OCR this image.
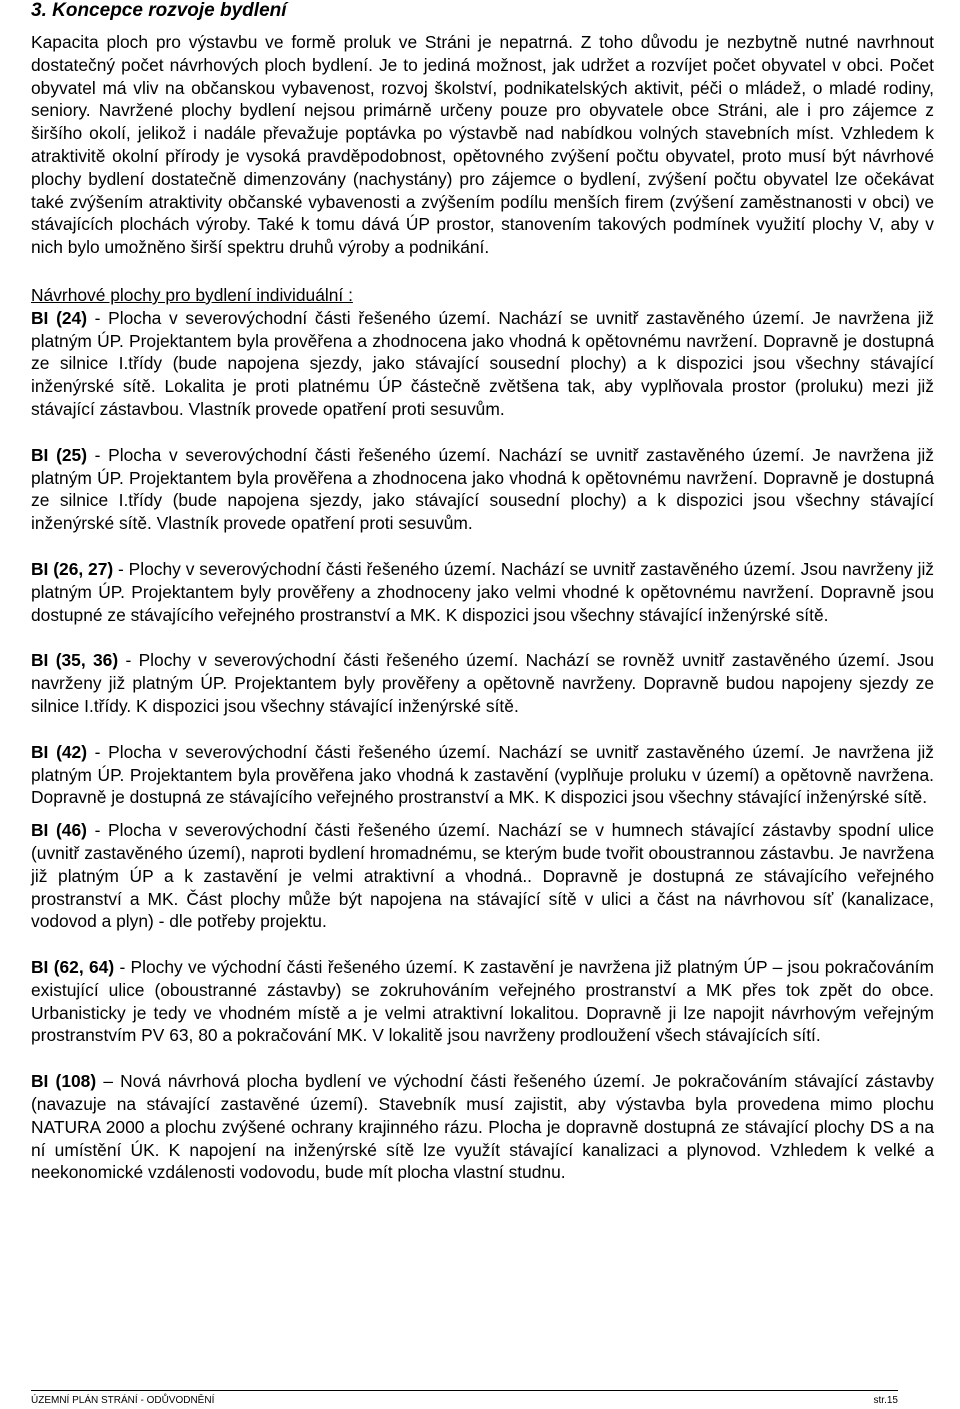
3. Koncepce rozvoje bydlení

Kapacita ploch pro výstavbu ve formě proluk ve Stráni je nepatrná. Z toho důvodu je nezbytně nutné navrhnout dostatečný počet návrhových ploch bydlení. Je to jediná možnost, jak udržet a rozvíjet počet obyvatel v obci. Počet obyvatel má vliv na občanskou vybavenost, rozvoj školství, podnikatelských aktivit, péči o mládež, o mladé rodiny, seniory. Navržené plochy bydlení nejsou primárně určeny pouze pro obyvatele obce Stráni, ale i pro zájemce z širšího okolí, jelikož i nadále převažuje poptávka po výstavbě nad nabídkou volných stavebních míst. Vzhledem k atraktivitě okolní přírody je vysoká pravděpodobnost, opětovného zvýšení počtu obyvatel, proto musí být návrhové plochy bydlení dostatečně dimenzovány (nachystány) pro zájemce o bydlení, zvýšení počtu obyvatel lze očekávat také zvýšením atraktivity občanské vybavenosti a zvýšením podílu menších firem (zvýšení zaměstnanosti v obci) ve stávajících plochách výroby. Také k tomu dává ÚP prostor, stanovením takových podmínek využití plochy V, aby v nich bylo umožněno širší spektru druhů výroby a podnikání.

Návrhové plochy pro bydlení individuální :

BI (24) - Plocha v severovýchodní části řešeného území. Nachází se uvnitř zastavěného území. Je navržena již platným ÚP. Projektantem byla prověřena a zhodnocena jako vhodná k opětovnému navržení. Dopravně je dostupná ze silnice I.třídy (bude napojena sjezdy, jako stávající sousední plochy) a k dispozici jsou všechny stávající inženýrské sítě. Lokalita je proti platnému ÚP částečně zvětšena tak, aby vyplňovala prostor (proluku) mezi již stávající zástavbou. Vlastník provede opatření proti sesuvům.

BI (25) - Plocha v severovýchodní části řešeného území. Nachází se uvnitř zastavěného území. Je navržena již platným ÚP. Projektantem byla prověřena a zhodnocena jako vhodná k opětovnému navržení. Dopravně je dostupná ze silnice I.třídy (bude napojena sjezdy, jako stávající sousední plochy) a k dispozici jsou všechny stávající inženýrské sítě. Vlastník provede opatření proti sesuvům.

BI (26, 27) - Plochy v severovýchodní části řešeného území. Nachází se uvnitř zastavěného území. Jsou navrženy již platným ÚP. Projektantem byly prověřeny a zhodnoceny jako velmi vhodné k opětovnému navržení. Dopravně jsou dostupné ze stávajícího veřejného prostranství a MK. K dispozici jsou všechny stávající inženýrské sítě.

BI (35, 36) - Plochy v severovýchodní části řešeného území. Nachází se rovněž uvnitř zastavěného území. Jsou navrženy již platným ÚP. Projektantem byly prověřeny a opětovně navrženy. Dopravně budou napojeny sjezdy ze silnice I.třídy. K dispozici jsou všechny stávající inženýrské sítě.

BI (42) - Plocha v severovýchodní části řešeného území. Nachází se uvnitř zastavěného území. Je navržena již platným ÚP. Projektantem byla prověřena jako vhodná k zastavění (vyplňuje proluku v území) a opětovně navržena. Dopravně je dostupná ze stávajícího veřejného prostranství a MK. K dispozici jsou všechny stávající inženýrské sítě.

BI (46) - Plocha v severovýchodní části řešeného území. Nachází se v humnech stávající zástavby spodní ulice (uvnitř zastavěného území), naproti bydlení hromadnému, se kterým bude tvořit oboustrannou zástavbu. Je navržena již platným ÚP a k zastavění je velmi atraktivní a vhodná.. Dopravně je dostupná ze stávajícího veřejného prostranství a MK. Část plochy může být napojena na stávající sítě v ulici a část na návrhovou síť (kanalizace, vodovod a plyn) - dle potřeby projektu.

BI (62, 64) - Plochy ve východní části řešeného území. K zastavění je navržena již platným ÚP – jsou pokračováním existující ulice (oboustranné zástavby) se zokruhováním veřejného prostranství a MK přes tok zpět do obce. Urbanisticky je tedy ve vhodném místě a je velmi atraktivní lokalitou. Dopravně ji lze napojit návrhovým veřejným prostranstvím PV 63, 80 a pokračování MK. V lokalitě jsou navrženy prodloužení všech stávajících sítí.

BI (108) – Nová návrhová plocha bydlení ve východní části řešeného území. Je pokračováním stávající zástavby (navazuje na stávající zastavěné území). Stavebník musí zajistit, aby výstavba byla provedena mimo plochu NATURA 2000 a plochu zvýšené ochrany krajinného rázu. Plocha je dopravně dostupná ze stávající plochy DS a na ní umístění ÚK. K napojení na inženýrské sítě lze využít stávající kanalizaci a plynovod. Vzhledem k velké a neekonomické vzdálenosti vodovodu, bude mít plocha vlastní studnu.

ÚZEMNÍ PLÁN STRÁNÍ - ODŮVODNĚNÍ	str.15
